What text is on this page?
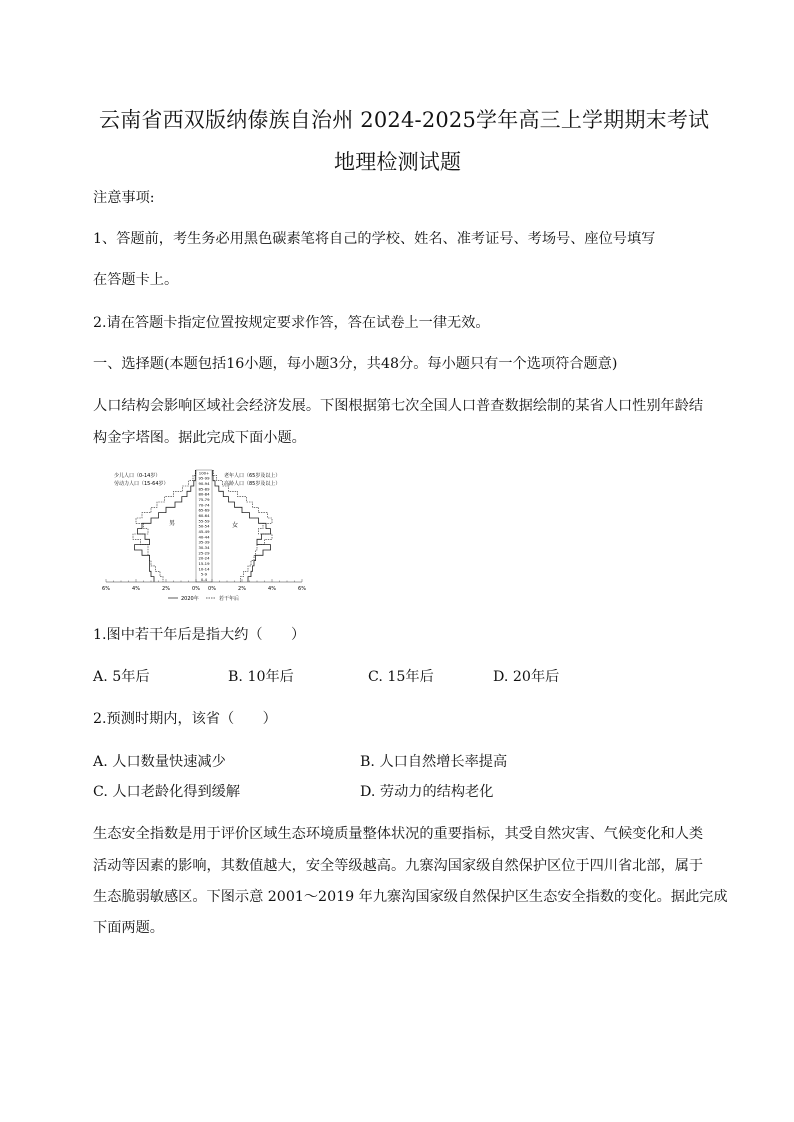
云南省西双版纳傣族自治州 2024-2025学年高三上学期期末考试
地理检测试题
注意事项:
1、答题前，考生务必用黑色碳素笔将自己的学校、姓名、准考证号、考场号、座位号填写
在答题卡上。
2.请在答题卡指定位置按规定要求作答，答在试卷上一律无效。
一、选择题(本题包括16小题，每小题3分，共48分。每小题只有一个选项符合题意)
人口结构会影响区域社会经济发展。下图根据第七次全国人口普查数据绘制的某省人口性别年龄结
构金字塔图。据此完成下面小题。
少儿人口（0-14岁）
劳动力人口（15-64岁）
老年人口（65岁及以上）
高龄人口（85岁及以上）
男	女
100+
95-99
90-94
85-89
80-84
75-79
70-74
65-69
60-64
55-59
50-54
45-49
40-44
35-39
30-34
25-29
20-24
15-19
10-14
5-9
0-4
6%	4%	2%	0% 0%	2%	4%	6%
2020年	若干年后
1.图中若干年后是指大约（　　）
A. 5年后	B. 10年后	C. 15年后	D. 20年后
2.预测时期内，该省（　　）
A. 人口数量快速减少	B. 人口自然增长率提高
C. 人口老龄化得到缓解	D. 劳动力的结构老化
生态安全指数是用于评价区域生态环境质量整体状况的重要指标，其受自然灾害、气候变化和人类
活动等因素的影响，其数值越大，安全等级越高。九寨沟国家级自然保护区位于四川省北部，属于
生态脆弱敏感区。下图示意 2001～2019 年九寨沟国家级自然保护区生态安全指数的变化。据此完成
下面两题。
